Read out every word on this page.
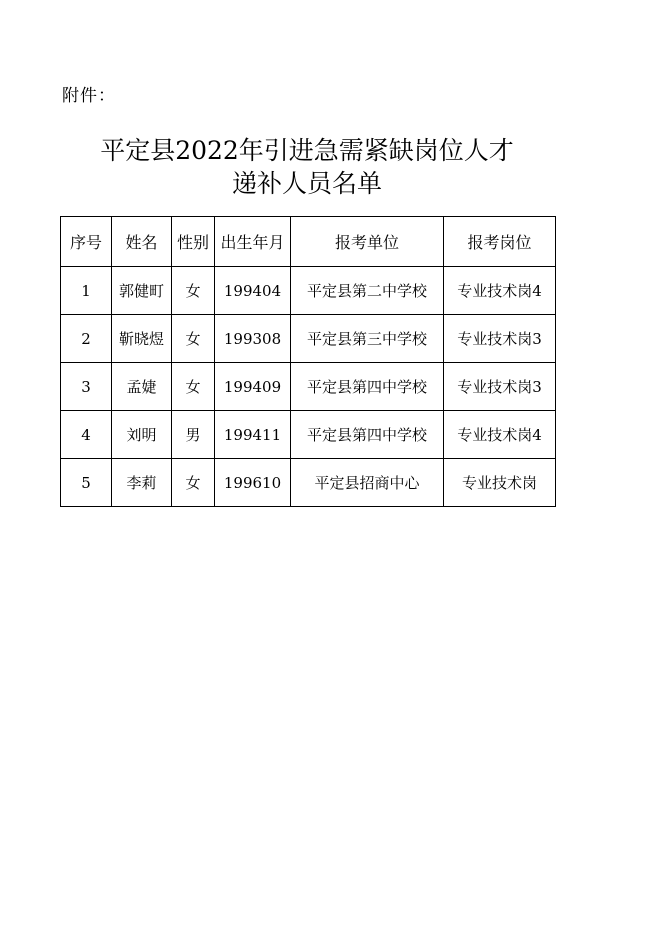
附件：
平定县2022年引进急需紧缺岗位人才
递补人员名单
序号	姓名	性别	出生年月	报考单位	报考岗位
1	郭健町	女	199404	平定县第二中学校	专业技术岗4
2	靳晓煜	女	199308	平定县第三中学校	专业技术岗3
3	孟婕	女	199409	平定县第四中学校	专业技术岗3
4	刘明	男	199411	平定县第四中学校	专业技术岗4
5	李莉	女	199610	平定县招商中心	专业技术岗
